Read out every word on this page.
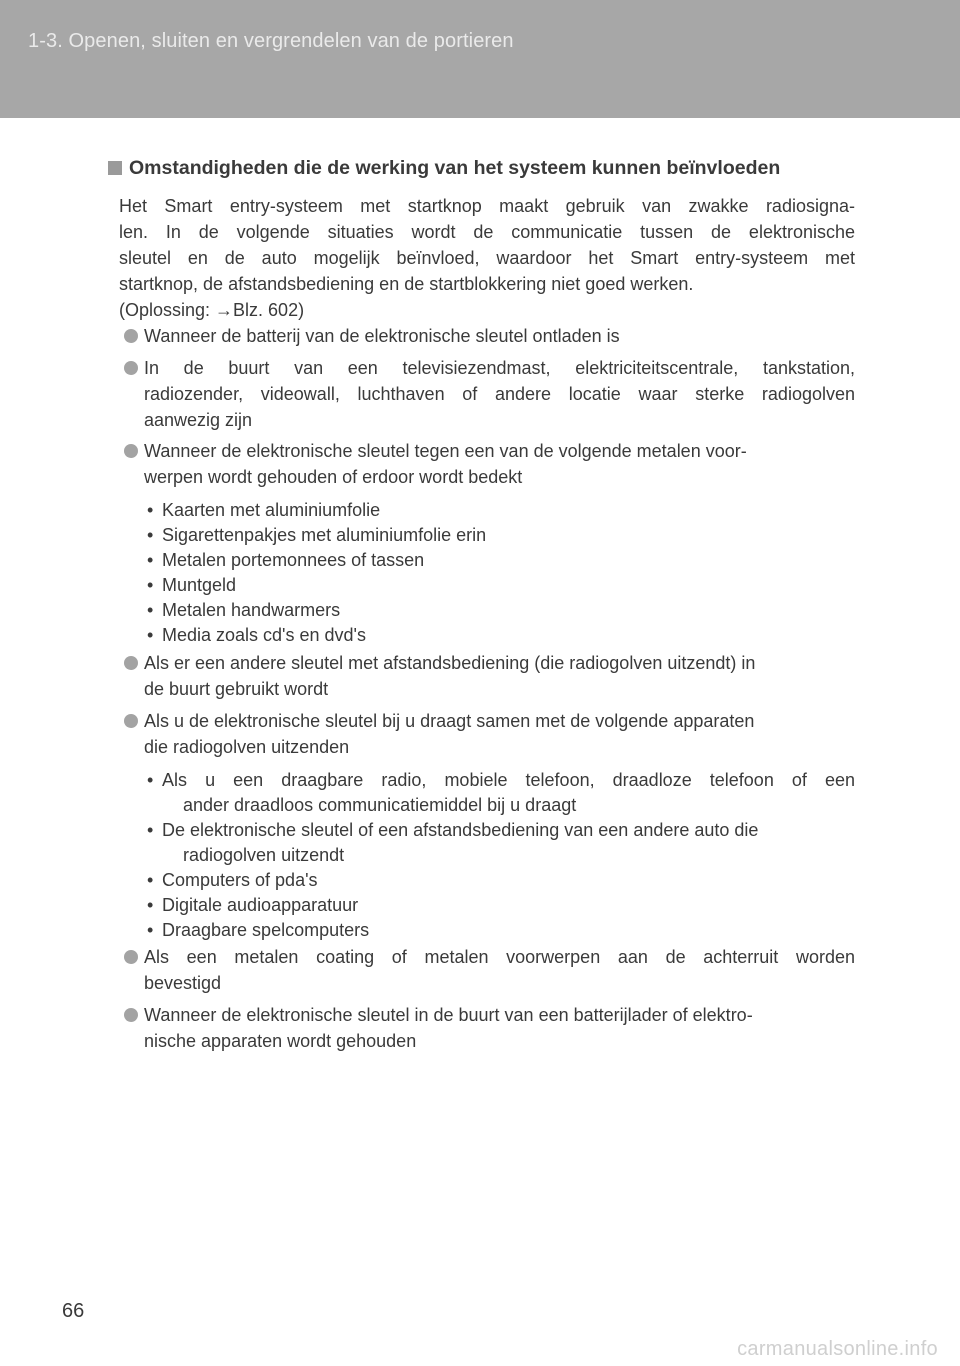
1-3. Openen, sluiten en vergrendelen van de portieren
Omstandigheden die de werking van het systeem kunnen beïnvloeden
Het Smart entry-systeem met startknop maakt gebruik van zwakke radiosigna-
len. In de volgende situaties wordt de communicatie tussen de elektronische
sleutel en de auto mogelijk beïnvloed, waardoor het Smart entry-systeem met
startknop, de afstandsbediening en de startblokkering niet goed werken.
(Oplossing: →Blz. 602)
Wanneer de batterij van de elektronische sleutel ontladen is
In de buurt van een televisiezendmast, elektriciteitscentrale, tankstation,
radiozender, videowall, luchthaven of andere locatie waar sterke radiogolven
aanwezig zijn
Wanneer de elektronische sleutel tegen een van de volgende metalen voor-
werpen wordt gehouden of erdoor wordt bedekt
• Kaarten met aluminiumfolie
• Sigarettenpakjes met aluminiumfolie erin
• Metalen portemonnees of tassen
• Muntgeld
• Metalen handwarmers
• Media zoals cd's en dvd's
Als er een andere sleutel met afstandsbediening (die radiogolven uitzendt) in
de buurt gebruikt wordt
Als u de elektronische sleutel bij u draagt samen met de volgende apparaten
die radiogolven uitzenden
• Als u een draagbare radio, mobiele telefoon, draadloze telefoon of een
ander draadloos communicatiemiddel bij u draagt
• De elektronische sleutel of een afstandsbediening van een andere auto die
radiogolven uitzendt
• Computers of pda's
• Digitale audioapparatuur
• Draagbare spelcomputers
Als een metalen coating of metalen voorwerpen aan de achterruit worden
bevestigd
Wanneer de elektronische sleutel in de buurt van een batterijlader of elektro-
nische apparaten wordt gehouden
66
carmanualsonline.info
